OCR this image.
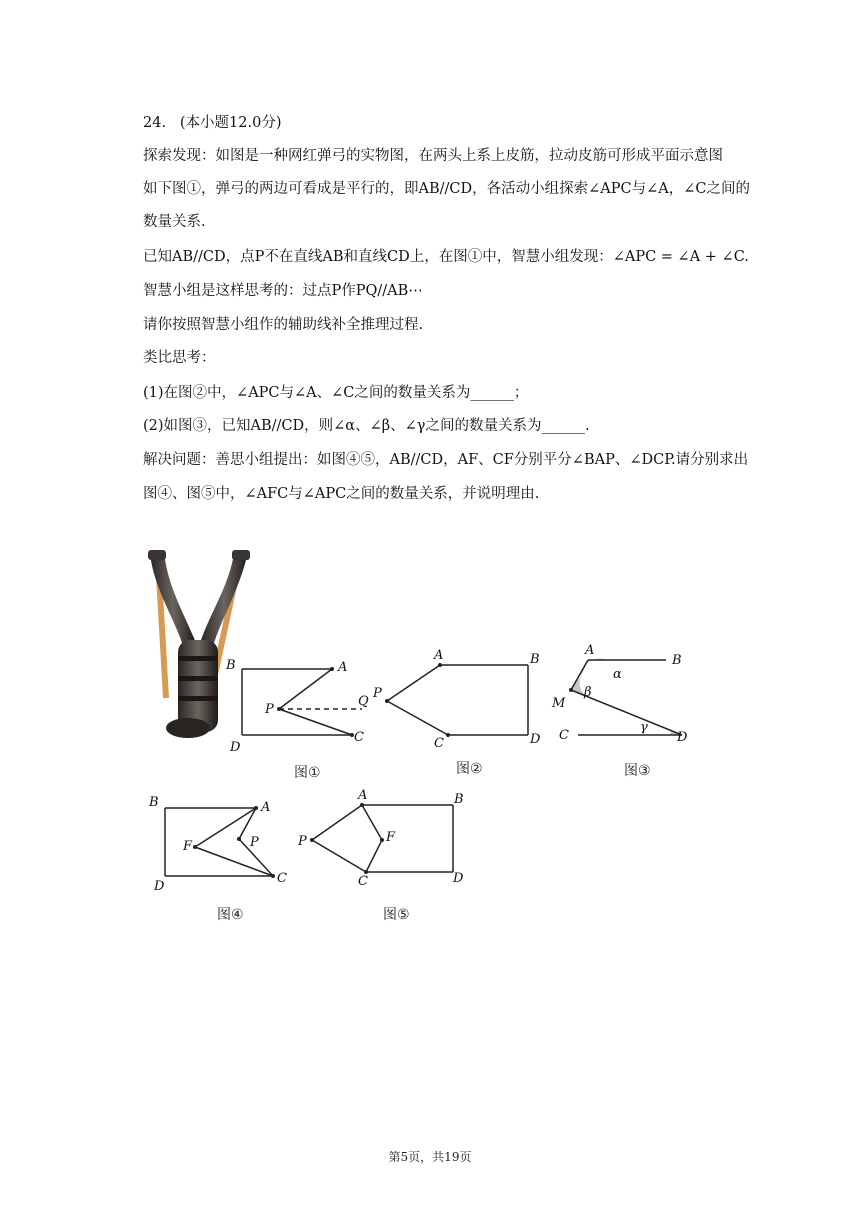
24. (本小题12.0分)
探索发现：如图是一种网红弹弓的实物图，在两头上系上皮筋，拉动皮筋可形成平面示意图
如下图①，弹弓的两边可看成是平行的，即AB//CD，各活动小组探索∠APC与∠A，∠C之间的
数量关系.
已知AB//CD，点P不在直线AB和直线CD上，在图①中，智慧小组发现：∠APC = ∠A + ∠C.
智慧小组是这样思考的：过点P作PQ//AB⋯
请你按照智慧小组作的辅助线补全推理过程.
类比思考：
(1)在图②中，∠APC与∠A、∠C之间的数量关系为______；
(2)如图③，已知AB//CD，则∠α、∠β、∠γ之间的数量关系为______.
解决问题：善思小组提出：如图④⑤，AB//CD，AF、CF分别平分∠BAP、∠DCP.请分别求出
图④、图⑤中，∠AFC与∠APC之间的数量关系，并说明理由.
B	A
P
Q
C
D
图①
A	B
P
C	D
图②
A
B
M
C	D
α
β
γ
图③
B	A
F	P
C
D
图④
A	B
P	F
C	D
图⑤
第5页，共19页
